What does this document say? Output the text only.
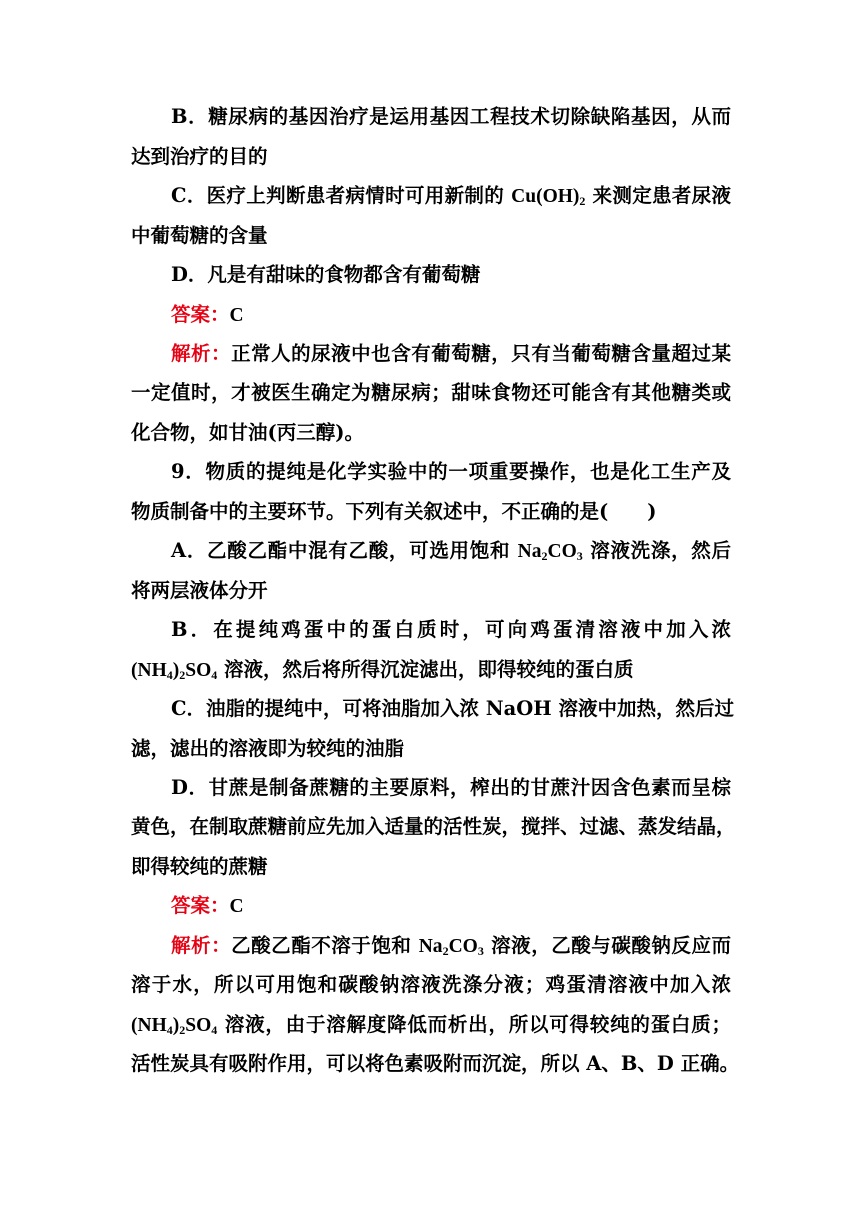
B．糖尿病的基因治疗是运用基因工程技术切除缺陷基因，从而
达到治疗的目的
C．医疗上判断患者病情时可用新制的 $Cu(OH)_2$ 来测定患者尿液
中葡萄糖的含量
D．凡是有甜味的食物都含有葡萄糖
答案：C
解析：正常人的尿液中也含有葡萄糖，只有当葡萄糖含量超过某
一定值时，才被医生确定为糖尿病；甜味食物还可能含有其他糖类或
化合物，如甘油(丙三醇)。
9．物质的提纯是化学实验中的一项重要操作，也是化工生产及
物质制备中的主要环节。下列有关叙述中，不正确的是(　　)
A．乙酸乙酯中混有乙酸，可选用饱和 $Na_2CO_3$ 溶液洗涤，然后
将两层液体分开
B．在提纯鸡蛋中的蛋白质时，可向鸡蛋清溶液中加入浓
$(NH_4)_2SO_4$ 溶液，然后将所得沉淀滤出，即得较纯的蛋白质
C．油脂的提纯中，可将油脂加入浓 NaOH 溶液中加热，然后过
滤，滤出的溶液即为较纯的油脂
D．甘蔗是制备蔗糖的主要原料，榨出的甘蔗汁因含色素而呈棕
黄色，在制取蔗糖前应先加入适量的活性炭，搅拌、过滤、蒸发结晶，
即得较纯的蔗糖
答案：C
解析：乙酸乙酯不溶于饱和 $Na_2CO_3$ 溶液，乙酸与碳酸钠反应而
溶于水，所以可用饱和碳酸钠溶液洗涤分液；鸡蛋清溶液中加入浓
$(NH_4)_2SO_4$ 溶液，由于溶解度降低而析出，所以可得较纯的蛋白质；
活性炭具有吸附作用，可以将色素吸附而沉淀，所以 A、B、D 正确。
